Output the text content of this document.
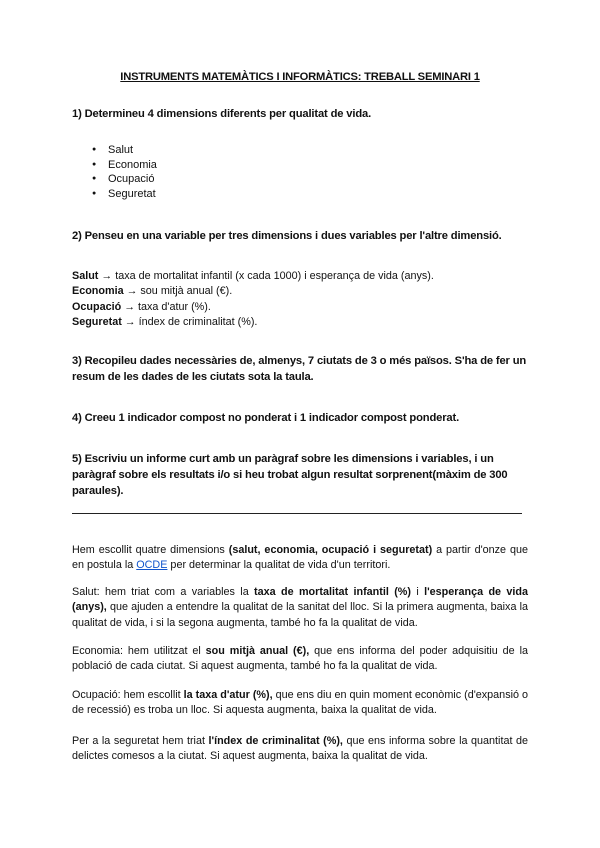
INSTRUMENTS MATEMÀTICS I INFORMÀTICS: TREBALL SEMINARI 1
1) Determineu 4 dimensions diferents per qualitat de vida.
● Salut
● Economia
● Ocupació
● Seguretat
2) Penseu en una variable per tres dimensions i dues variables per l'altre dimensió.
Salut → taxa de mortalitat infantil (x cada 1000) i esperança de vida (anys).
Economia → sou mitjà anual (€).
Ocupació → taxa d'atur (%).
Seguretat → índex de criminalitat (%).
3) Recopileu dades necessàries de, almenys, 7 ciutats de 3 o més països. S'ha de fer un resum de les dades de les ciutats sota la taula.
4) Creeu 1 indicador compost no ponderat i 1 indicador compost ponderat.
5) Escriviu un informe curt amb un paràgraf sobre les dimensions i variables, i un paràgraf sobre els resultats i/o si heu trobat algun resultat sorprenent(màxim de 300 paraules).
Hem escollit quatre dimensions (salut, economia, ocupació i seguretat) a partir d'onze que en postula la OCDE per determinar la qualitat de vida d'un territori.
Salut: hem triat com a variables la taxa de mortalitat infantil (%) i l'esperança de vida (anys), que ajuden a entendre la qualitat de la sanitat del lloc. Si la primera augmenta, baixa la qualitat de vida, i si la segona augmenta, també ho fa la qualitat de vida.
Economia: hem utilitzat el sou mitjà anual (€), que ens informa del poder adquisitiu de la població de cada ciutat. Si aquest augmenta, també ho fa la qualitat de vida.
Ocupació: hem escollit la taxa d'atur (%), que ens diu en quin moment econòmic (d'expansió o de recessió) es troba un lloc. Si aquesta augmenta, baixa la qualitat de vida.
Per a la seguretat hem triat l'índex de criminalitat (%), que ens informa sobre la quantitat de delictes comesos a la ciutat. Si aquest augmenta, baixa la qualitat de vida.
